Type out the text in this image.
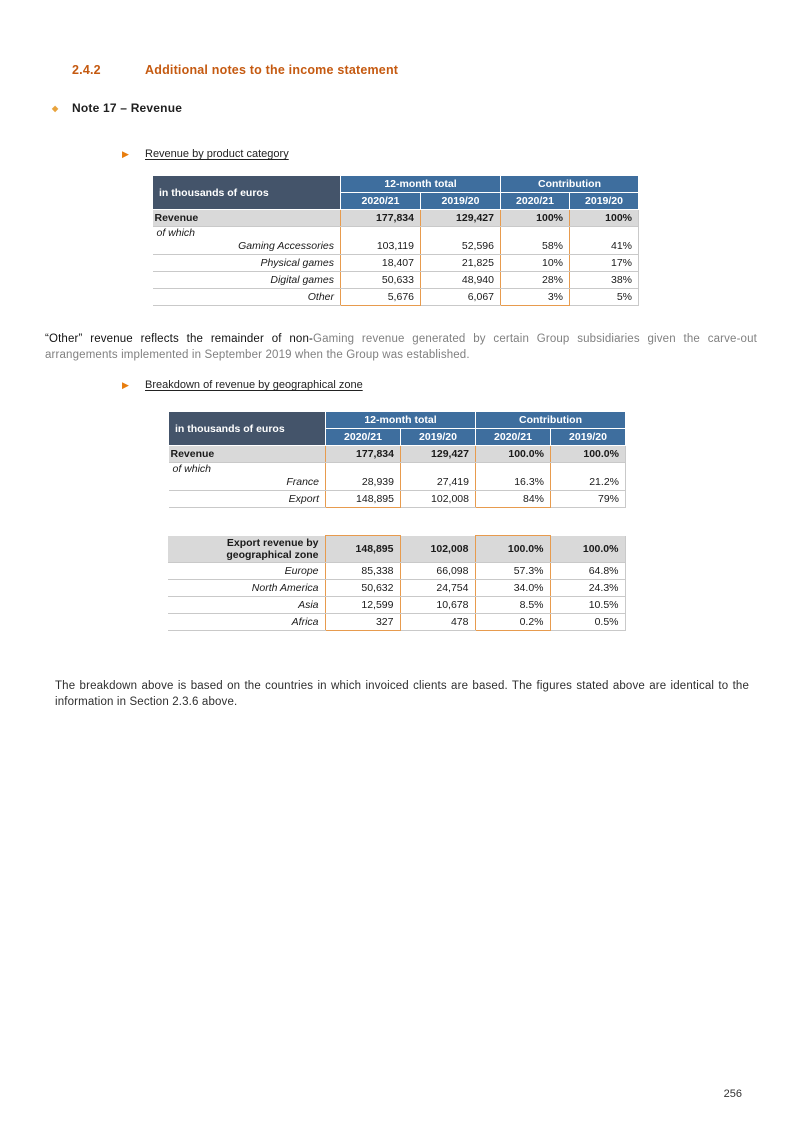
2.4.2	Additional notes to the income statement
◆	Note 17 – Revenue
▶	Revenue by product category
in thousands of euros	12-month total		Contribution	
	2020/21	2019/20	2020/21	2019/20

Revenue	177,834	129,427	100%	100%

of which
Gaming Accessories	103,119	52,596	58%	41%

Physical games	18,407	21,825	10%	17%

Digital games	50,633	48,940	28%	38%

Other	5,676	6,067	3%	5%

“Other” revenue reflects the remainder of non-Gaming revenue generated by certain Group subsidiaries given the carve-out arrangements implemented in September 2019 when the Group was established.

▶	Breakdown of revenue by geographical zone
in thousands of euros	12-month total		Contribution	
	2020/21	2019/20	2020/21	2019/20

Revenue	177,834	129,427	100.0%	100.0%

of which
France	28,939	27,419	16.3%	21.2%

Export	148,895	102,008	84%	79%
Export revenue by geographical zone	148,895	102,008	100.0%	100.0%

Europe	85,338	66,098	57.3%	64.8%

North America	50,632	24,754	34.0%	24.3%

Asia	12,599	10,678	8.5%	10.5%

Africa	327	478	0.2%	0.5%

The breakdown above is based on the countries in which invoiced clients are based. The figures stated above are identical to the information in Section 2.3.6 above.

256
